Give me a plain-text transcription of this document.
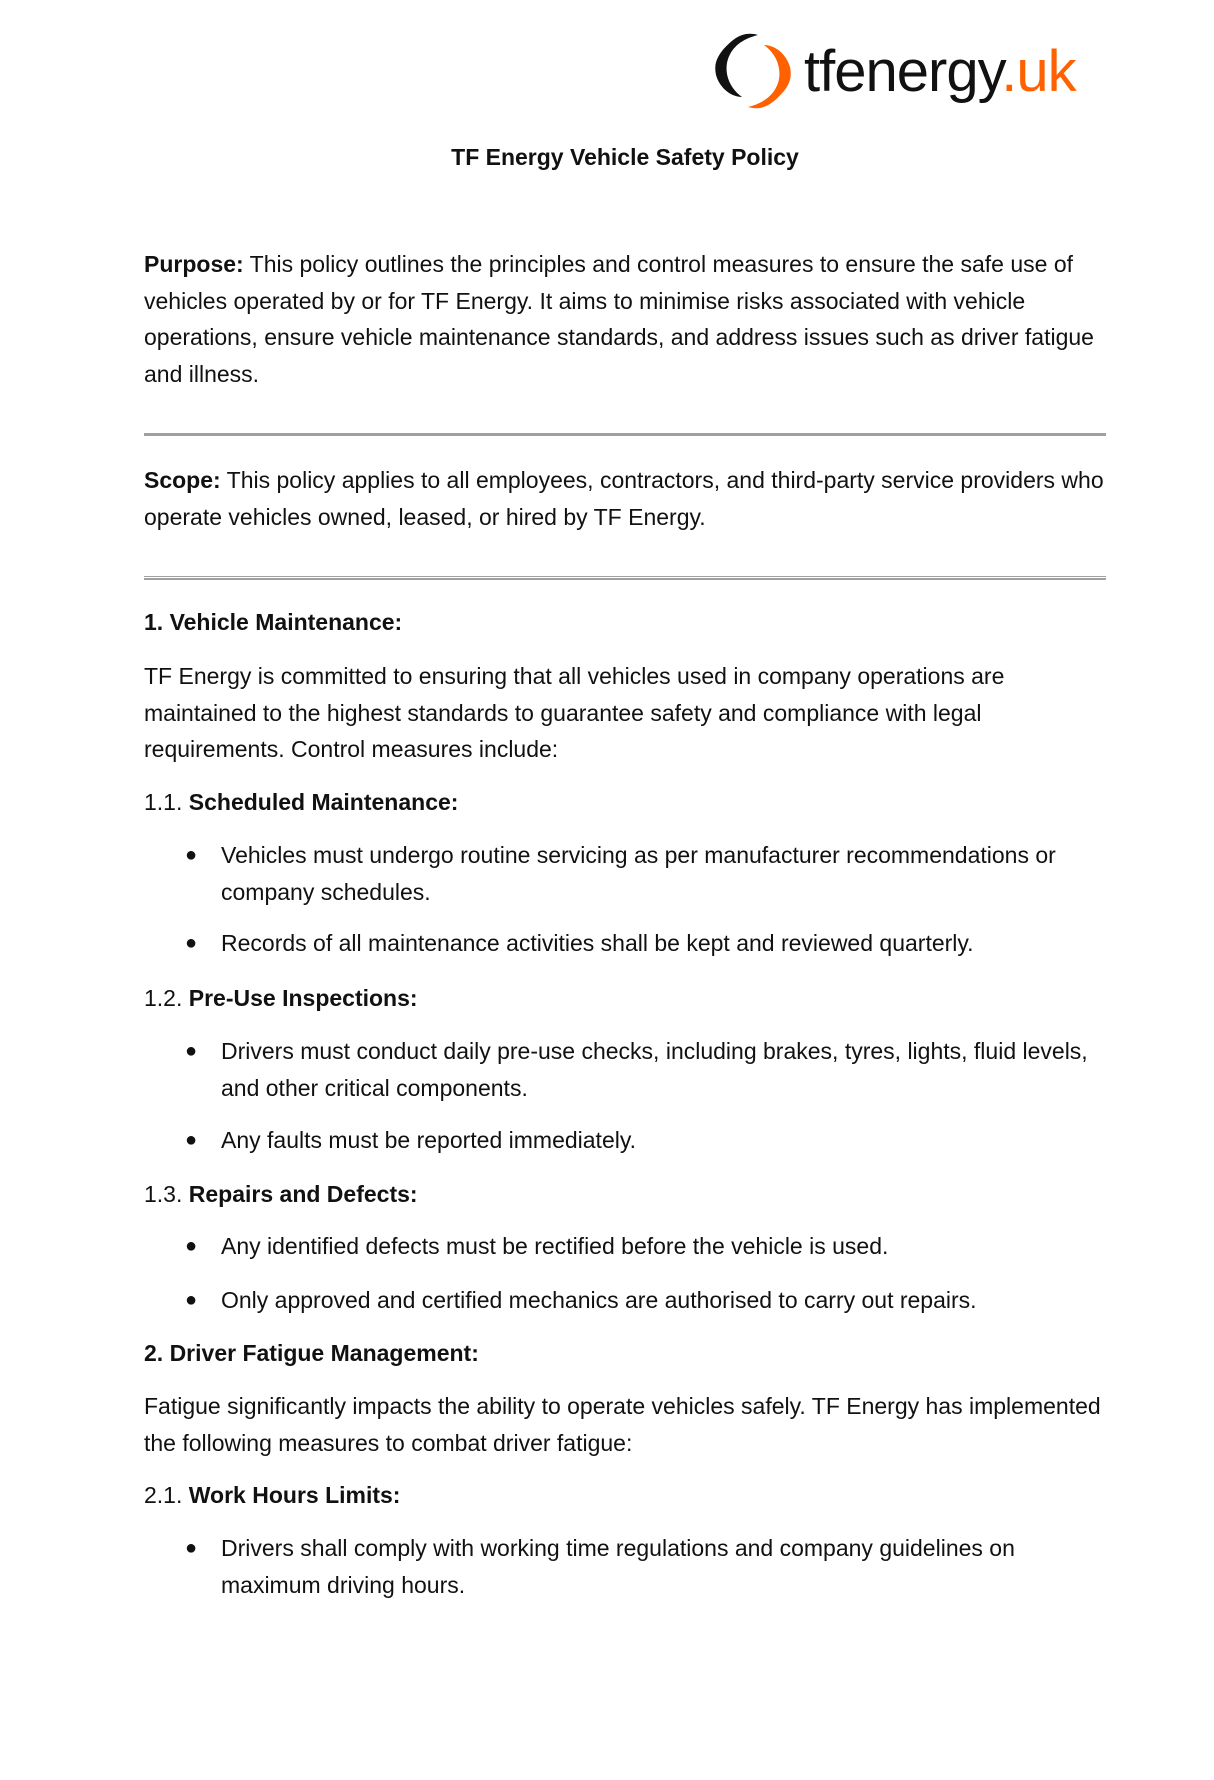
tfenergy.uk
TF Energy Vehicle Safety Policy
Purpose: This policy outlines the principles and control measures to ensure the safe use of vehicles operated by or for TF Energy. It aims to minimise risks associated with vehicle operations, ensure vehicle maintenance standards, and address issues such as driver fatigue and illness.
Scope: This policy applies to all employees, contractors, and third-party service providers who operate vehicles owned, leased, or hired by TF Energy.
1. Vehicle Maintenance:
TF Energy is committed to ensuring that all vehicles used in company operations are maintained to the highest standards to guarantee safety and compliance with legal requirements. Control measures include:
1.1. Scheduled Maintenance:
● Vehicles must undergo routine servicing as per manufacturer recommendations or company schedules.
● Records of all maintenance activities shall be kept and reviewed quarterly.
1.2. Pre-Use Inspections:
● Drivers must conduct daily pre-use checks, including brakes, tyres, lights, fluid levels, and other critical components.
● Any faults must be reported immediately.
1.3. Repairs and Defects:
● Any identified defects must be rectified before the vehicle is used.
● Only approved and certified mechanics are authorised to carry out repairs.
2. Driver Fatigue Management:
Fatigue significantly impacts the ability to operate vehicles safely. TF Energy has implemented the following measures to combat driver fatigue:
2.1. Work Hours Limits:
● Drivers shall comply with working time regulations and company guidelines on maximum driving hours.
